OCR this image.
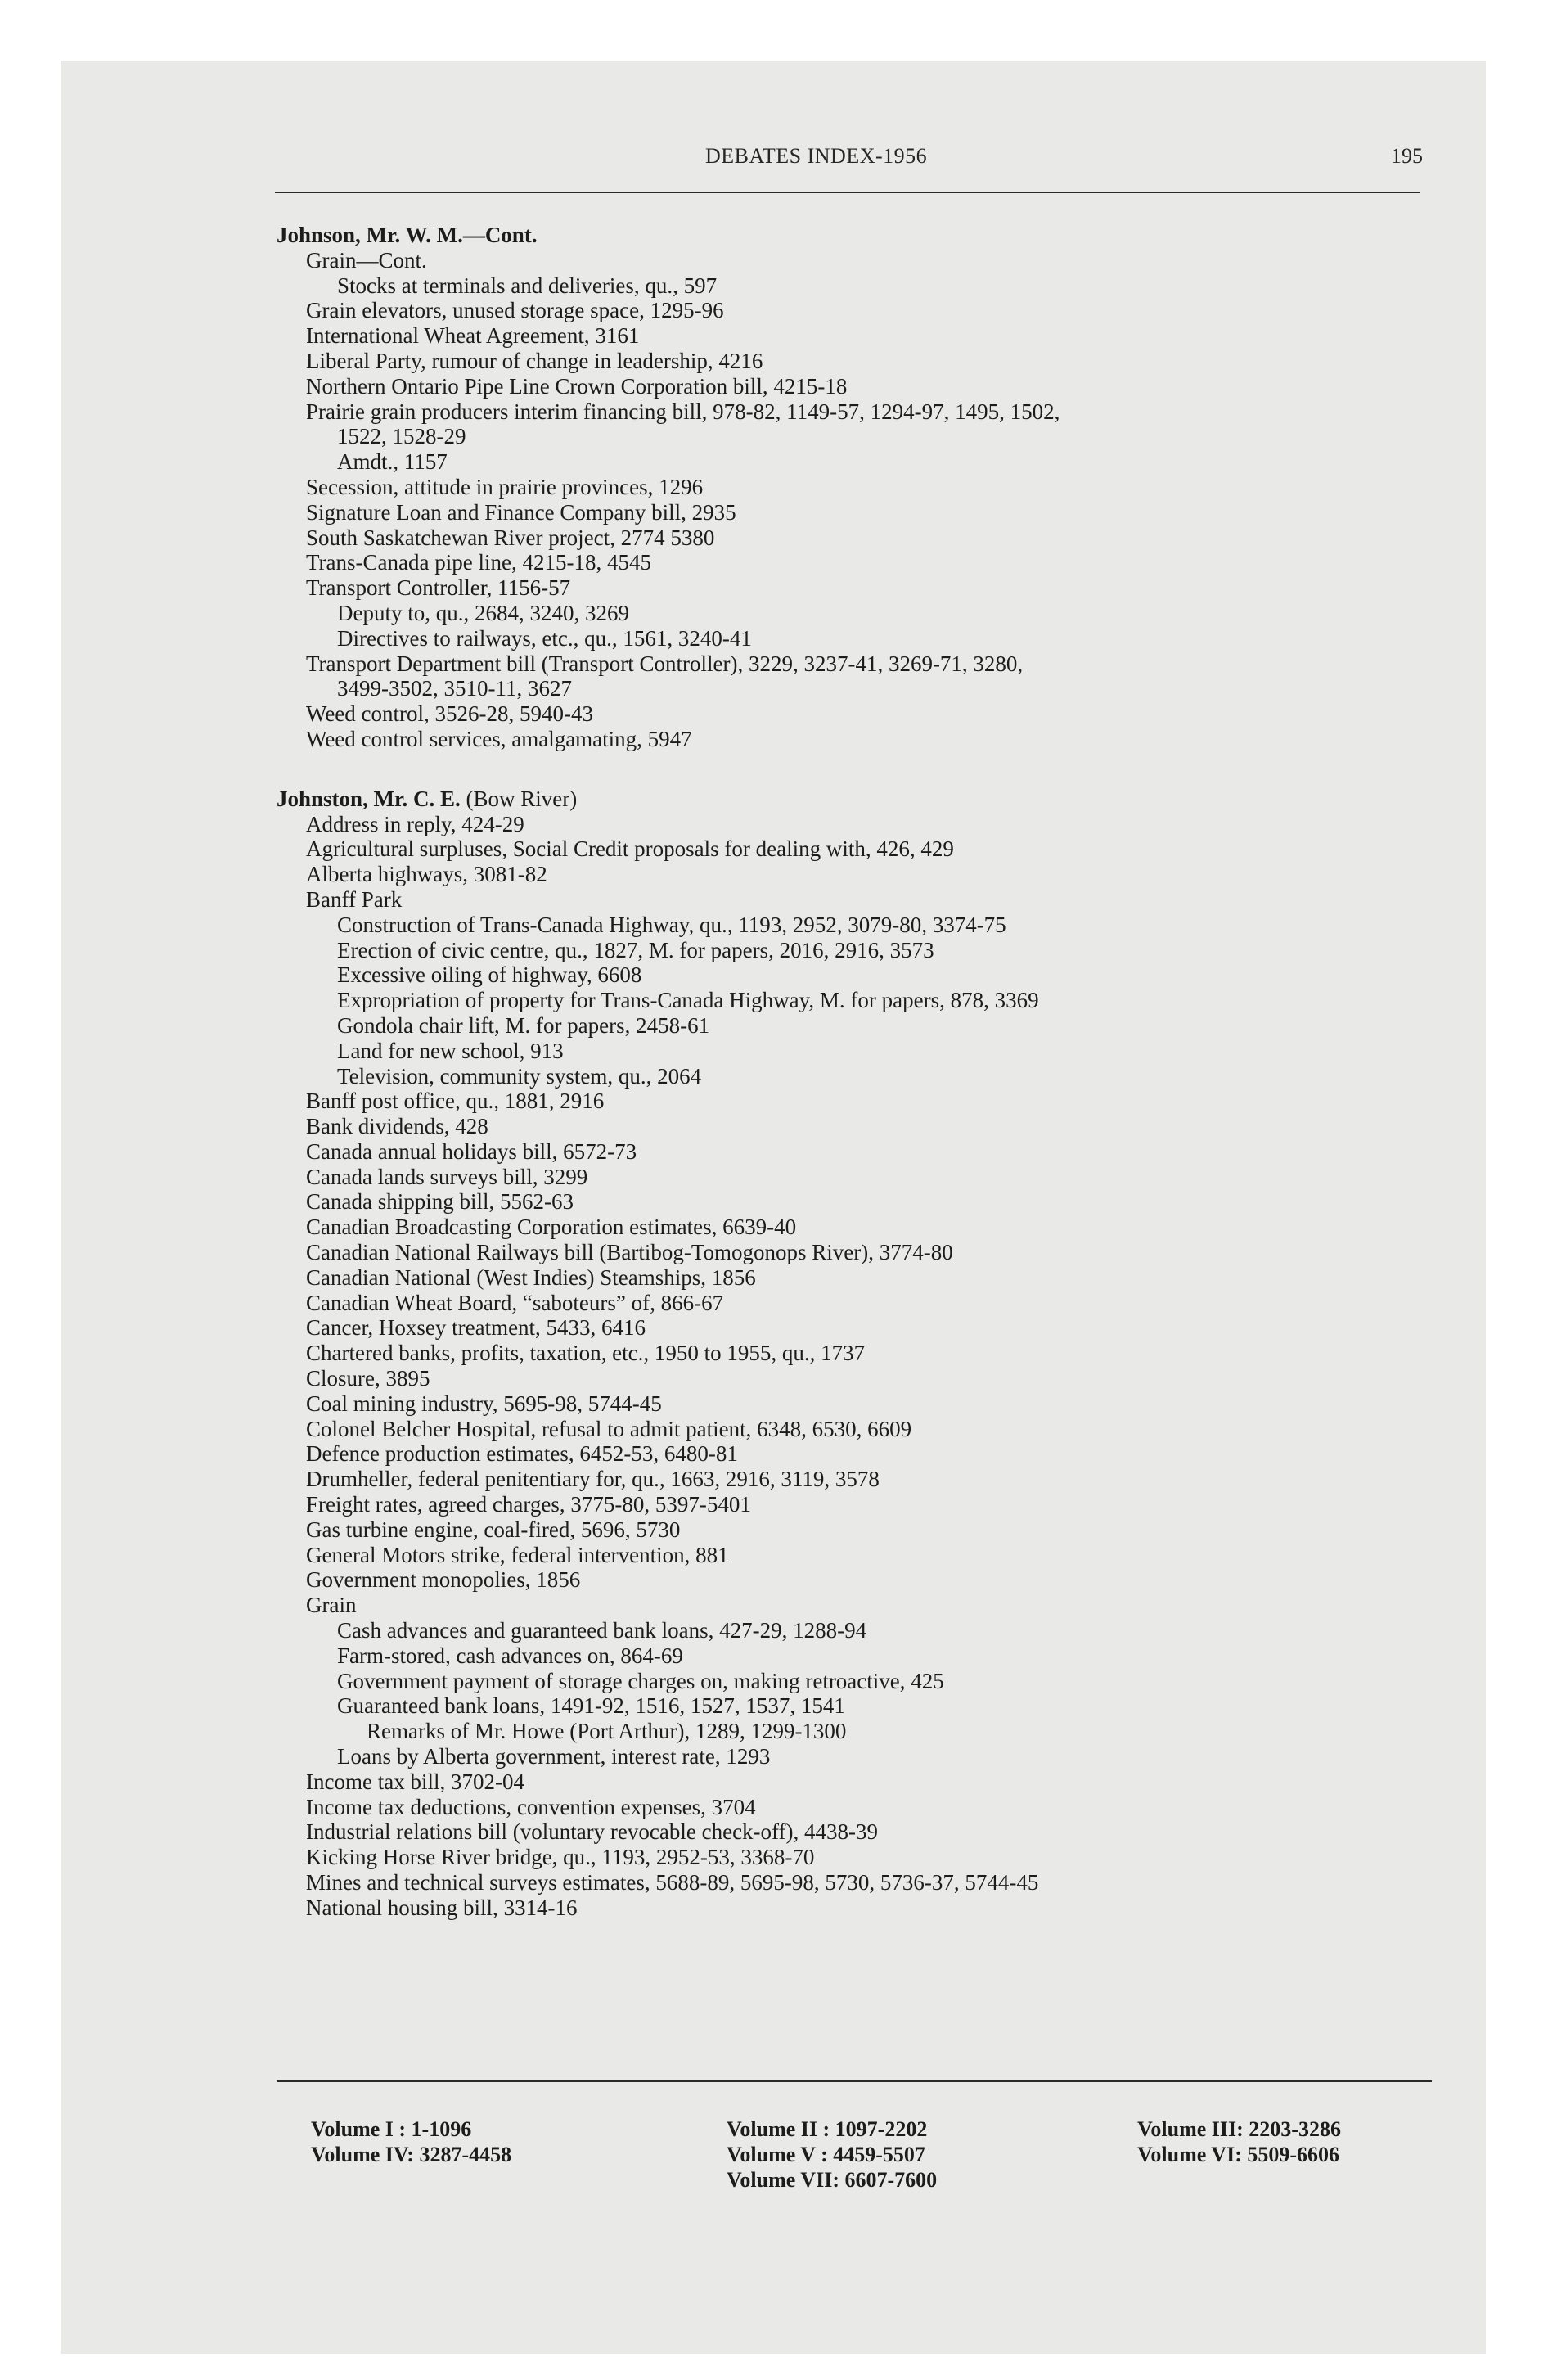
DEBATES INDEX-1956	195
Johnson, Mr. W. M.—Cont.
Grain—Cont.
Stocks at terminals and deliveries, qu., 597
Grain elevators, unused storage space, 1295-96
International Wheat Agreement, 3161
Liberal Party, rumour of change in leadership, 4216
Northern Ontario Pipe Line Crown Corporation bill, 4215-18
Prairie grain producers interim financing bill, 978-82, 1149-57, 1294-97, 1495, 1502,
1522, 1528-29
Amdt., 1157
Secession, attitude in prairie provinces, 1296
Signature Loan and Finance Company bill, 2935
South Saskatchewan River project, 2774 5380
Trans-Canada pipe line, 4215-18, 4545
Transport Controller, 1156-57
Deputy to, qu., 2684, 3240, 3269
Directives to railways, etc., qu., 1561, 3240-41
Transport Department bill (Transport Controller), 3229, 3237-41, 3269-71, 3280,
3499-3502, 3510-11, 3627
Weed control, 3526-28, 5940-43
Weed control services, amalgamating, 5947
Johnston, Mr. C. E. (Bow River)
Address in reply, 424-29
Agricultural surpluses, Social Credit proposals for dealing with, 426, 429
Alberta highways, 3081-82
Banff Park
Construction of Trans-Canada Highway, qu., 1193, 2952, 3079-80, 3374-75
Erection of civic centre, qu., 1827, M. for papers, 2016, 2916, 3573
Excessive oiling of highway, 6608
Expropriation of property for Trans-Canada Highway, M. for papers, 878, 3369
Gondola chair lift, M. for papers, 2458-61
Land for new school, 913
Television, community system, qu., 2064
Banff post office, qu., 1881, 2916
Bank dividends, 428
Canada annual holidays bill, 6572-73
Canada lands surveys bill, 3299
Canada shipping bill, 5562-63
Canadian Broadcasting Corporation estimates, 6639-40
Canadian National Railways bill (Bartibog-Tomogonops River), 3774-80
Canadian National (West Indies) Steamships, 1856
Canadian Wheat Board, “saboteurs” of, 866-67
Cancer, Hoxsey treatment, 5433, 6416
Chartered banks, profits, taxation, etc., 1950 to 1955, qu., 1737
Closure, 3895
Coal mining industry, 5695-98, 5744-45
Colonel Belcher Hospital, refusal to admit patient, 6348, 6530, 6609
Defence production estimates, 6452-53, 6480-81
Drumheller, federal penitentiary for, qu., 1663, 2916, 3119, 3578
Freight rates, agreed charges, 3775-80, 5397-5401
Gas turbine engine, coal-fired, 5696, 5730
General Motors strike, federal intervention, 881
Government monopolies, 1856
Grain
Cash advances and guaranteed bank loans, 427-29, 1288-94
Farm-stored, cash advances on, 864-69
Government payment of storage charges on, making retroactive, 425
Guaranteed bank loans, 1491-92, 1516, 1527, 1537, 1541
Remarks of Mr. Howe (Port Arthur), 1289, 1299-1300
Loans by Alberta government, interest rate, 1293
Income tax bill, 3702-04
Income tax deductions, convention expenses, 3704
Industrial relations bill (voluntary revocable check-off), 4438-39
Kicking Horse River bridge, qu., 1193, 2952-53, 3368-70
Mines and technical surveys estimates, 5688-89, 5695-98, 5730, 5736-37, 5744-45
National housing bill, 3314-16
Volume I : 1-1096
Volume IV: 3287-4458
Volume II : 1097-2202
Volume V : 4459-5507
Volume VII: 6607-7600
Volume III: 2203-3286
Volume VI: 5509-6606
